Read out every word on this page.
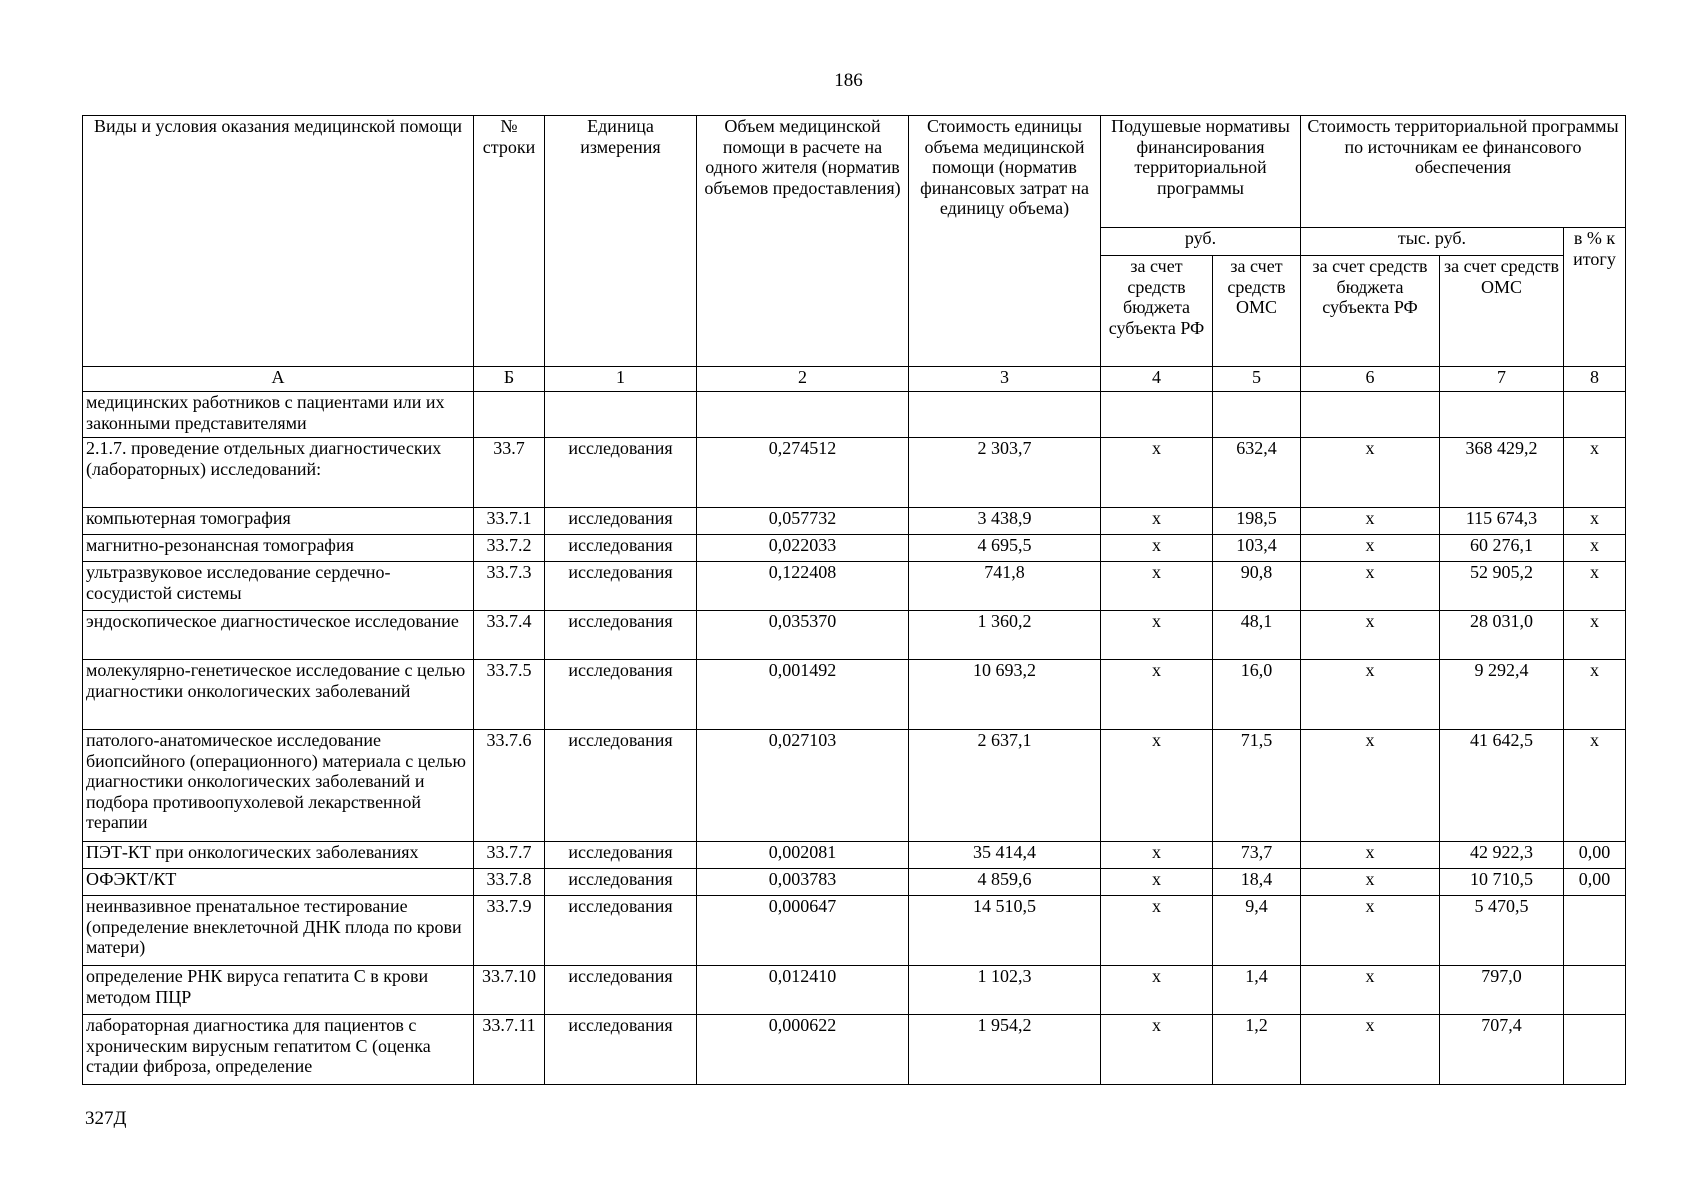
186
Виды и условия оказания медицинской помощи	№ строки	Единица измерения	Объем медицинской помощи в расчете на одного жителя (норматив объемов предоставления)	Стоимость единицы объема медицинской помощи (норматив финансовых затрат на единицу объема)	Подушевые нормативы финансирования территориальной программы		Стоимость территориальной программы по источникам ее финансового обеспечения		
					руб.		тыс. руб.		в % к итогу
					за счет средств бюджета субъекта РФ	за счет средств ОМС	за счет средств бюджета субъекта РФ	за счет средств ОМС	
А	Б	1	2	3	4	5	6	7	8
медицинских работников с пациентами или их законными представителями									
2.1.7. проведение отдельных диагностических (лабораторных) исследований:	33.7	исследования	0,274512	2 303,7	х	632,4	х	368 429,2	х
компьютерная томография	33.7.1	исследования	0,057732	3 438,9	х	198,5	х	115 674,3	х
магнитно-резонансная томография	33.7.2	исследования	0,022033	4 695,5	х	103,4	х	60 276,1	х
ультразвуковое исследование сердечно-сосудистой системы	33.7.3	исследования	0,122408	741,8	х	90,8	х	52 905,2	х
эндоскопическое диагностическое исследование	33.7.4	исследования	0,035370	1 360,2	х	48,1	х	28 031,0	х
молекулярно-генетическое исследование с целью диагностики онкологических заболеваний	33.7.5	исследования	0,001492	10 693,2	х	16,0	х	9 292,4	х
патолого-анатомическое исследование биопсийного (операционного) материала с целью диагностики онкологических заболеваний и подбора противоопухолевой лекарственной терапии	33.7.6	исследования	0,027103	2 637,1	х	71,5	х	41 642,5	х
ПЭТ-КТ при онкологических заболеваниях	33.7.7	исследования	0,002081	35 414,4	х	73,7	х	42 922,3	0,00
ОФЭКТ/КТ	33.7.8	исследования	0,003783	4 859,6	х	18,4	х	10 710,5	0,00
неинвазивное пренатальное тестирование (определение внеклеточной ДНК плода по крови матери)	33.7.9	исследования	0,000647	14 510,5	х	9,4	х	5 470,5	
определение РНК вируса гепатита С в крови методом ПЦР	33.7.10	исследования	0,012410	1 102,3	х	1,4	х	797,0	
лабораторная диагностика для пациентов с хроническим вирусным гепатитом С (оценка стадии фиброза, определение	33.7.11	исследования	0,000622	1 954,2	х	1,2	х	707,4	
327Д
